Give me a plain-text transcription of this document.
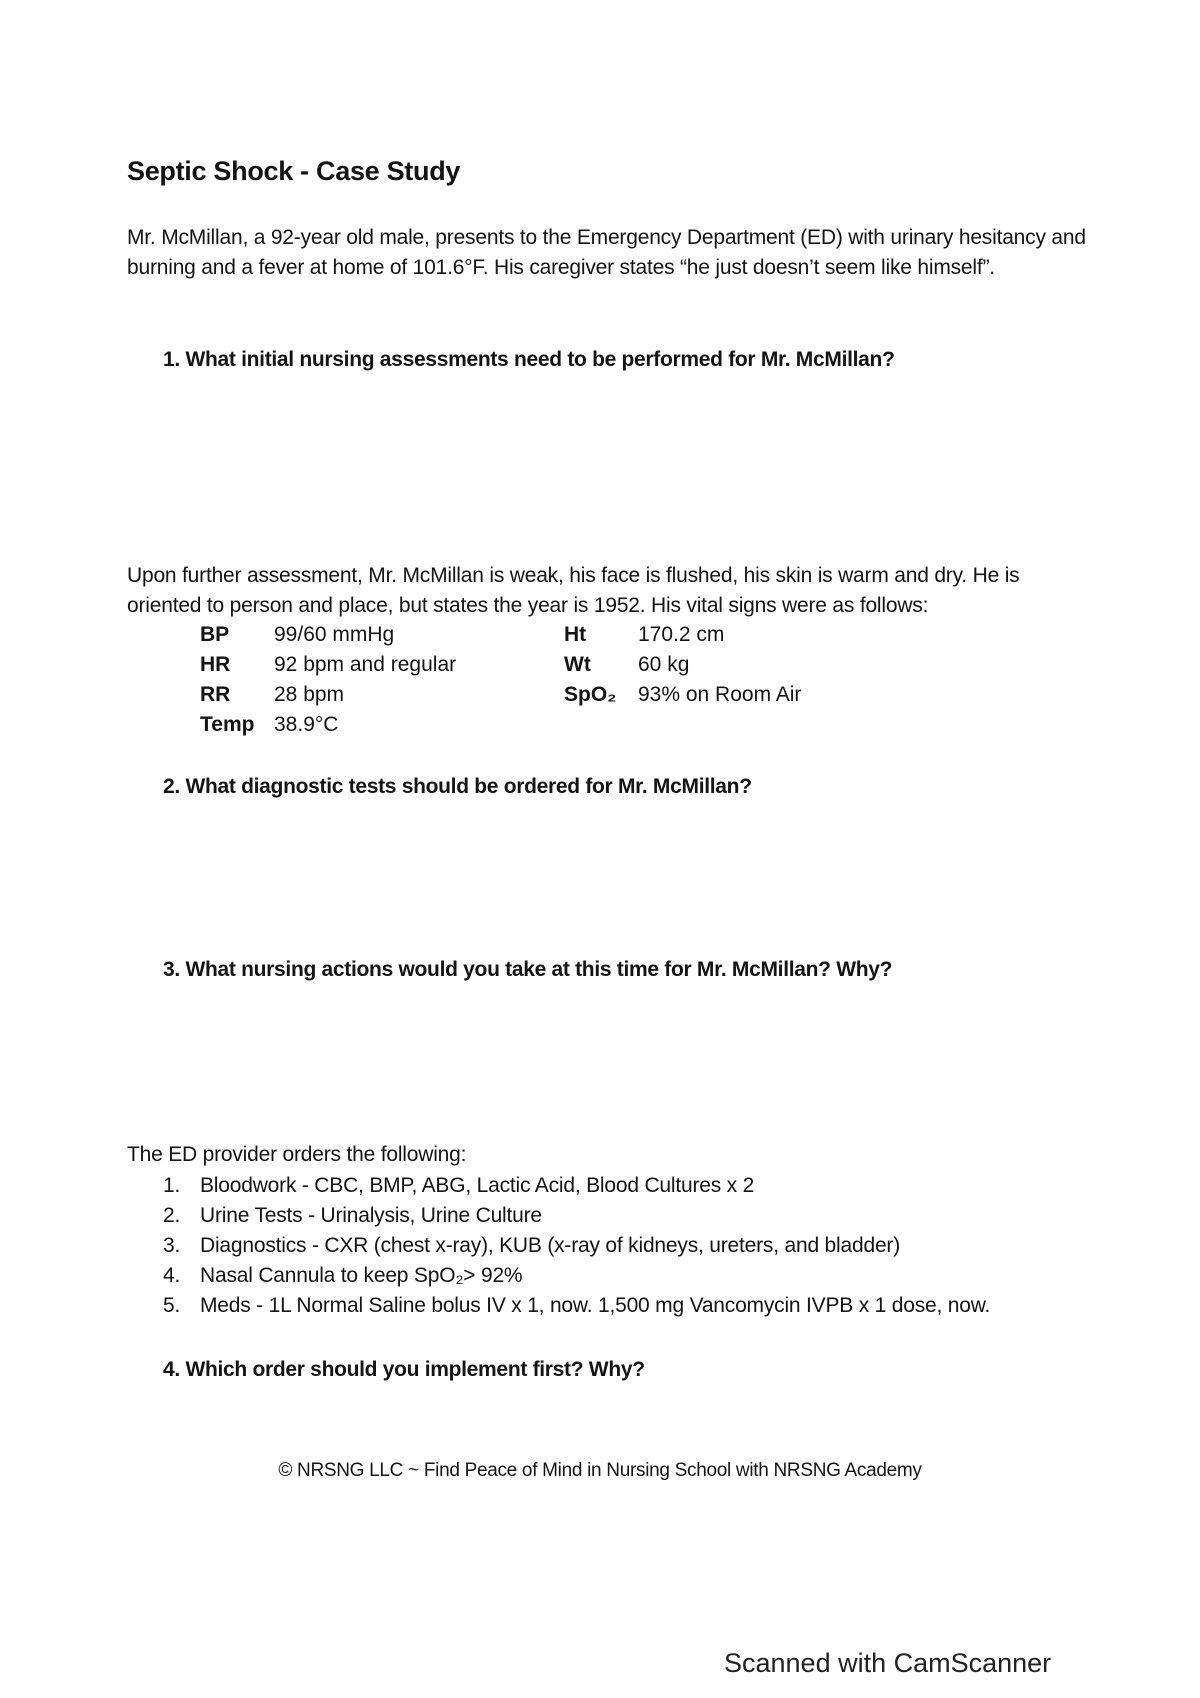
Septic Shock - Case Study

Mr. McMillan, a 92-year old male, presents to the Emergency Department (ED) with urinary hesitancy and burning and a fever at home of 101.6°F. His caregiver states “he just doesn’t seem like himself”.

1. What initial nursing assessments need to be performed for Mr. McMillan?

Upon further assessment, Mr. McMillan is weak, his face is flushed, his skin is warm and dry. He is oriented to person and place, but states the year is 1952. His vital signs were as follows:

BP	99/60 mmHg	Ht	170.2 cm
HR	92 bpm and regular	Wt	60 kg
RR	28 bpm	SpO₂	93% on Room Air
Temp	38.9°C		

2. What diagnostic tests should be ordered for Mr. McMillan?

3. What nursing actions would you take at this time for Mr. McMillan? Why?

The ED provider orders the following:

1. Bloodwork - CBC, BMP, ABG, Lactic Acid, Blood Cultures x 2
2. Urine Tests - Urinalysis, Urine Culture
3. Diagnostics - CXR (chest x-ray), KUB (x-ray of kidneys, ureters, and bladder)
4. Nasal Cannula to keep SpO₂> 92%
5. Meds - 1L Normal Saline bolus IV x 1, now. 1,500 mg Vancomycin IVPB x 1 dose, now.

4. Which order should you implement first? Why?

© NRSNG LLC ~ Find Peace of Mind in Nursing School with NRSNG Academy

Scanned with CamScanner
